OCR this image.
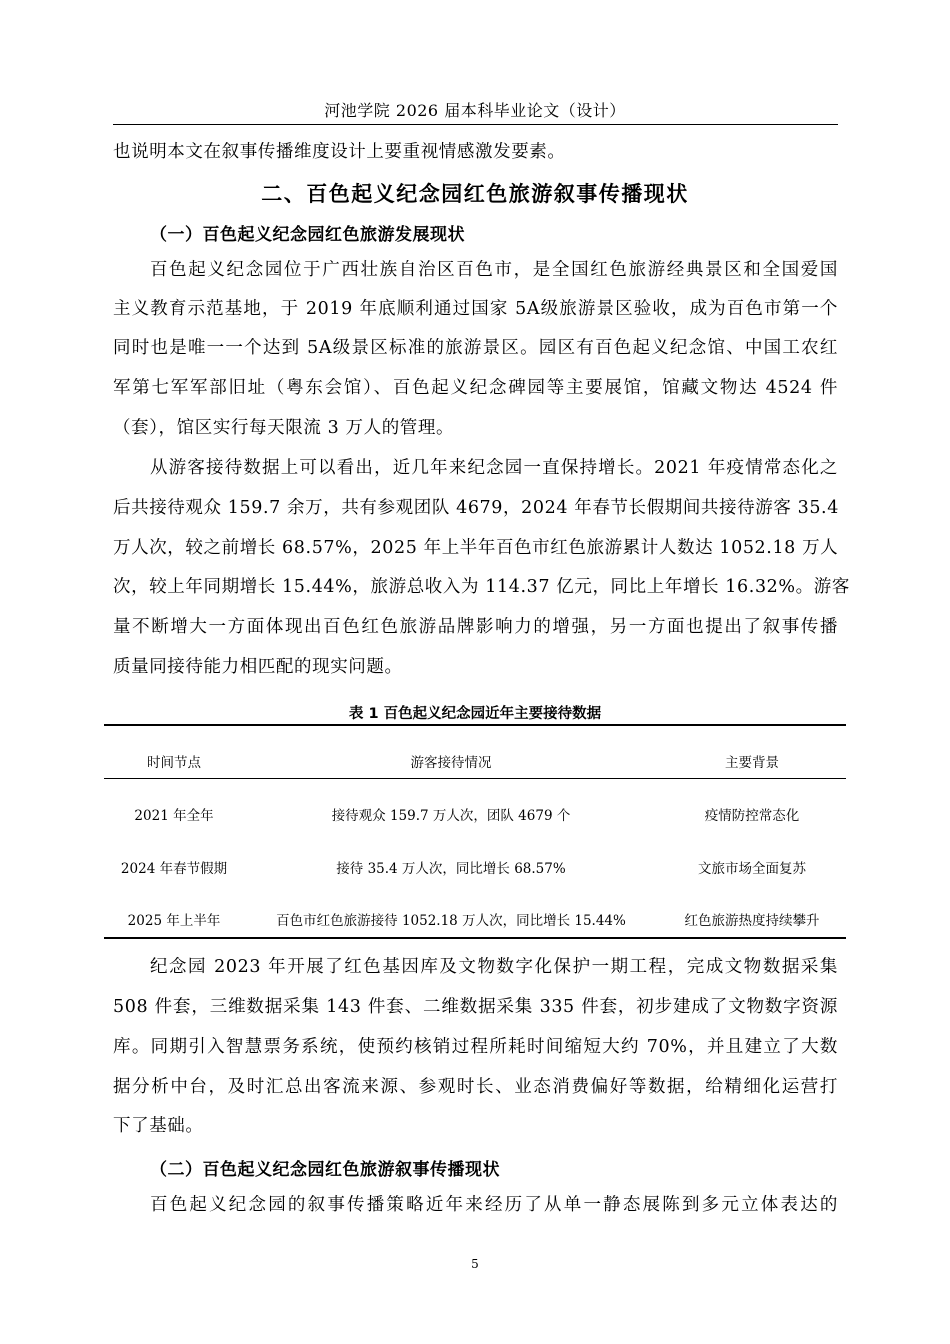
河池学院 2026 届本科毕业论文（设计）
也说明本文在叙事传播维度设计上要重视情感激发要素。
二、百色起义纪念园红色旅游叙事传播现状
（一）百色起义纪念园红色旅游发展现状
百色起义纪念园位于广西壮族自治区百色市，是全国红色旅游经典景区和全国爱国
主义教育示范基地，于 2019 年底顺利通过国家 5A级旅游景区验收，成为百色市第一个
同时也是唯一一个达到 5A级景区标准的旅游景区。园区有百色起义纪念馆、中国工农红
军第七军军部旧址（粤东会馆）、百色起义纪念碑园等主要展馆，馆藏文物达 4524 件
（套），馆区实行每天限流 3 万人的管理。
从游客接待数据上可以看出，近几年来纪念园一直保持增长。2021 年疫情常态化之
后共接待观众 159.7 余万，共有参观团队 4679，2024 年春节长假期间共接待游客 35.4
万人次，较之前增长 68.57%，2025 年上半年百色市红色旅游累计人数达 1052.18 万人
次，较上年同期增长 15.44%，旅游总收入为 114.37 亿元，同比上年增长 16.32%。游客
量不断增大一方面体现出百色红色旅游品牌影响力的增强，另一方面也提出了叙事传播
质量同接待能力相匹配的现实问题。
表 1 百色起义纪念园近年主要接待数据
时间节点	游客接待情况	主要背景
2021 年全年	接待观众 159.7 万人次，团队 4679 个	疫情防控常态化
2024 年春节假期	接待 35.4 万人次，同比增长 68.57%	文旅市场全面复苏
2025 年上半年	百色市红色旅游接待 1052.18 万人次，同比增长 15.44%	红色旅游热度持续攀升
纪念园 2023 年开展了红色基因库及文物数字化保护一期工程，完成文物数据采集
508 件套，三维数据采集 143 件套、二维数据采集 335 件套，初步建成了文物数字资源
库。同期引入智慧票务系统，使预约核销过程所耗时间缩短大约 70%，并且建立了大数
据分析中台，及时汇总出客流来源、参观时长、业态消费偏好等数据，给精细化运营打
下了基础。
（二）百色起义纪念园红色旅游叙事传播现状
百色起义纪念园的叙事传播策略近年来经历了从单一静态展陈到多元立体表达的
5
